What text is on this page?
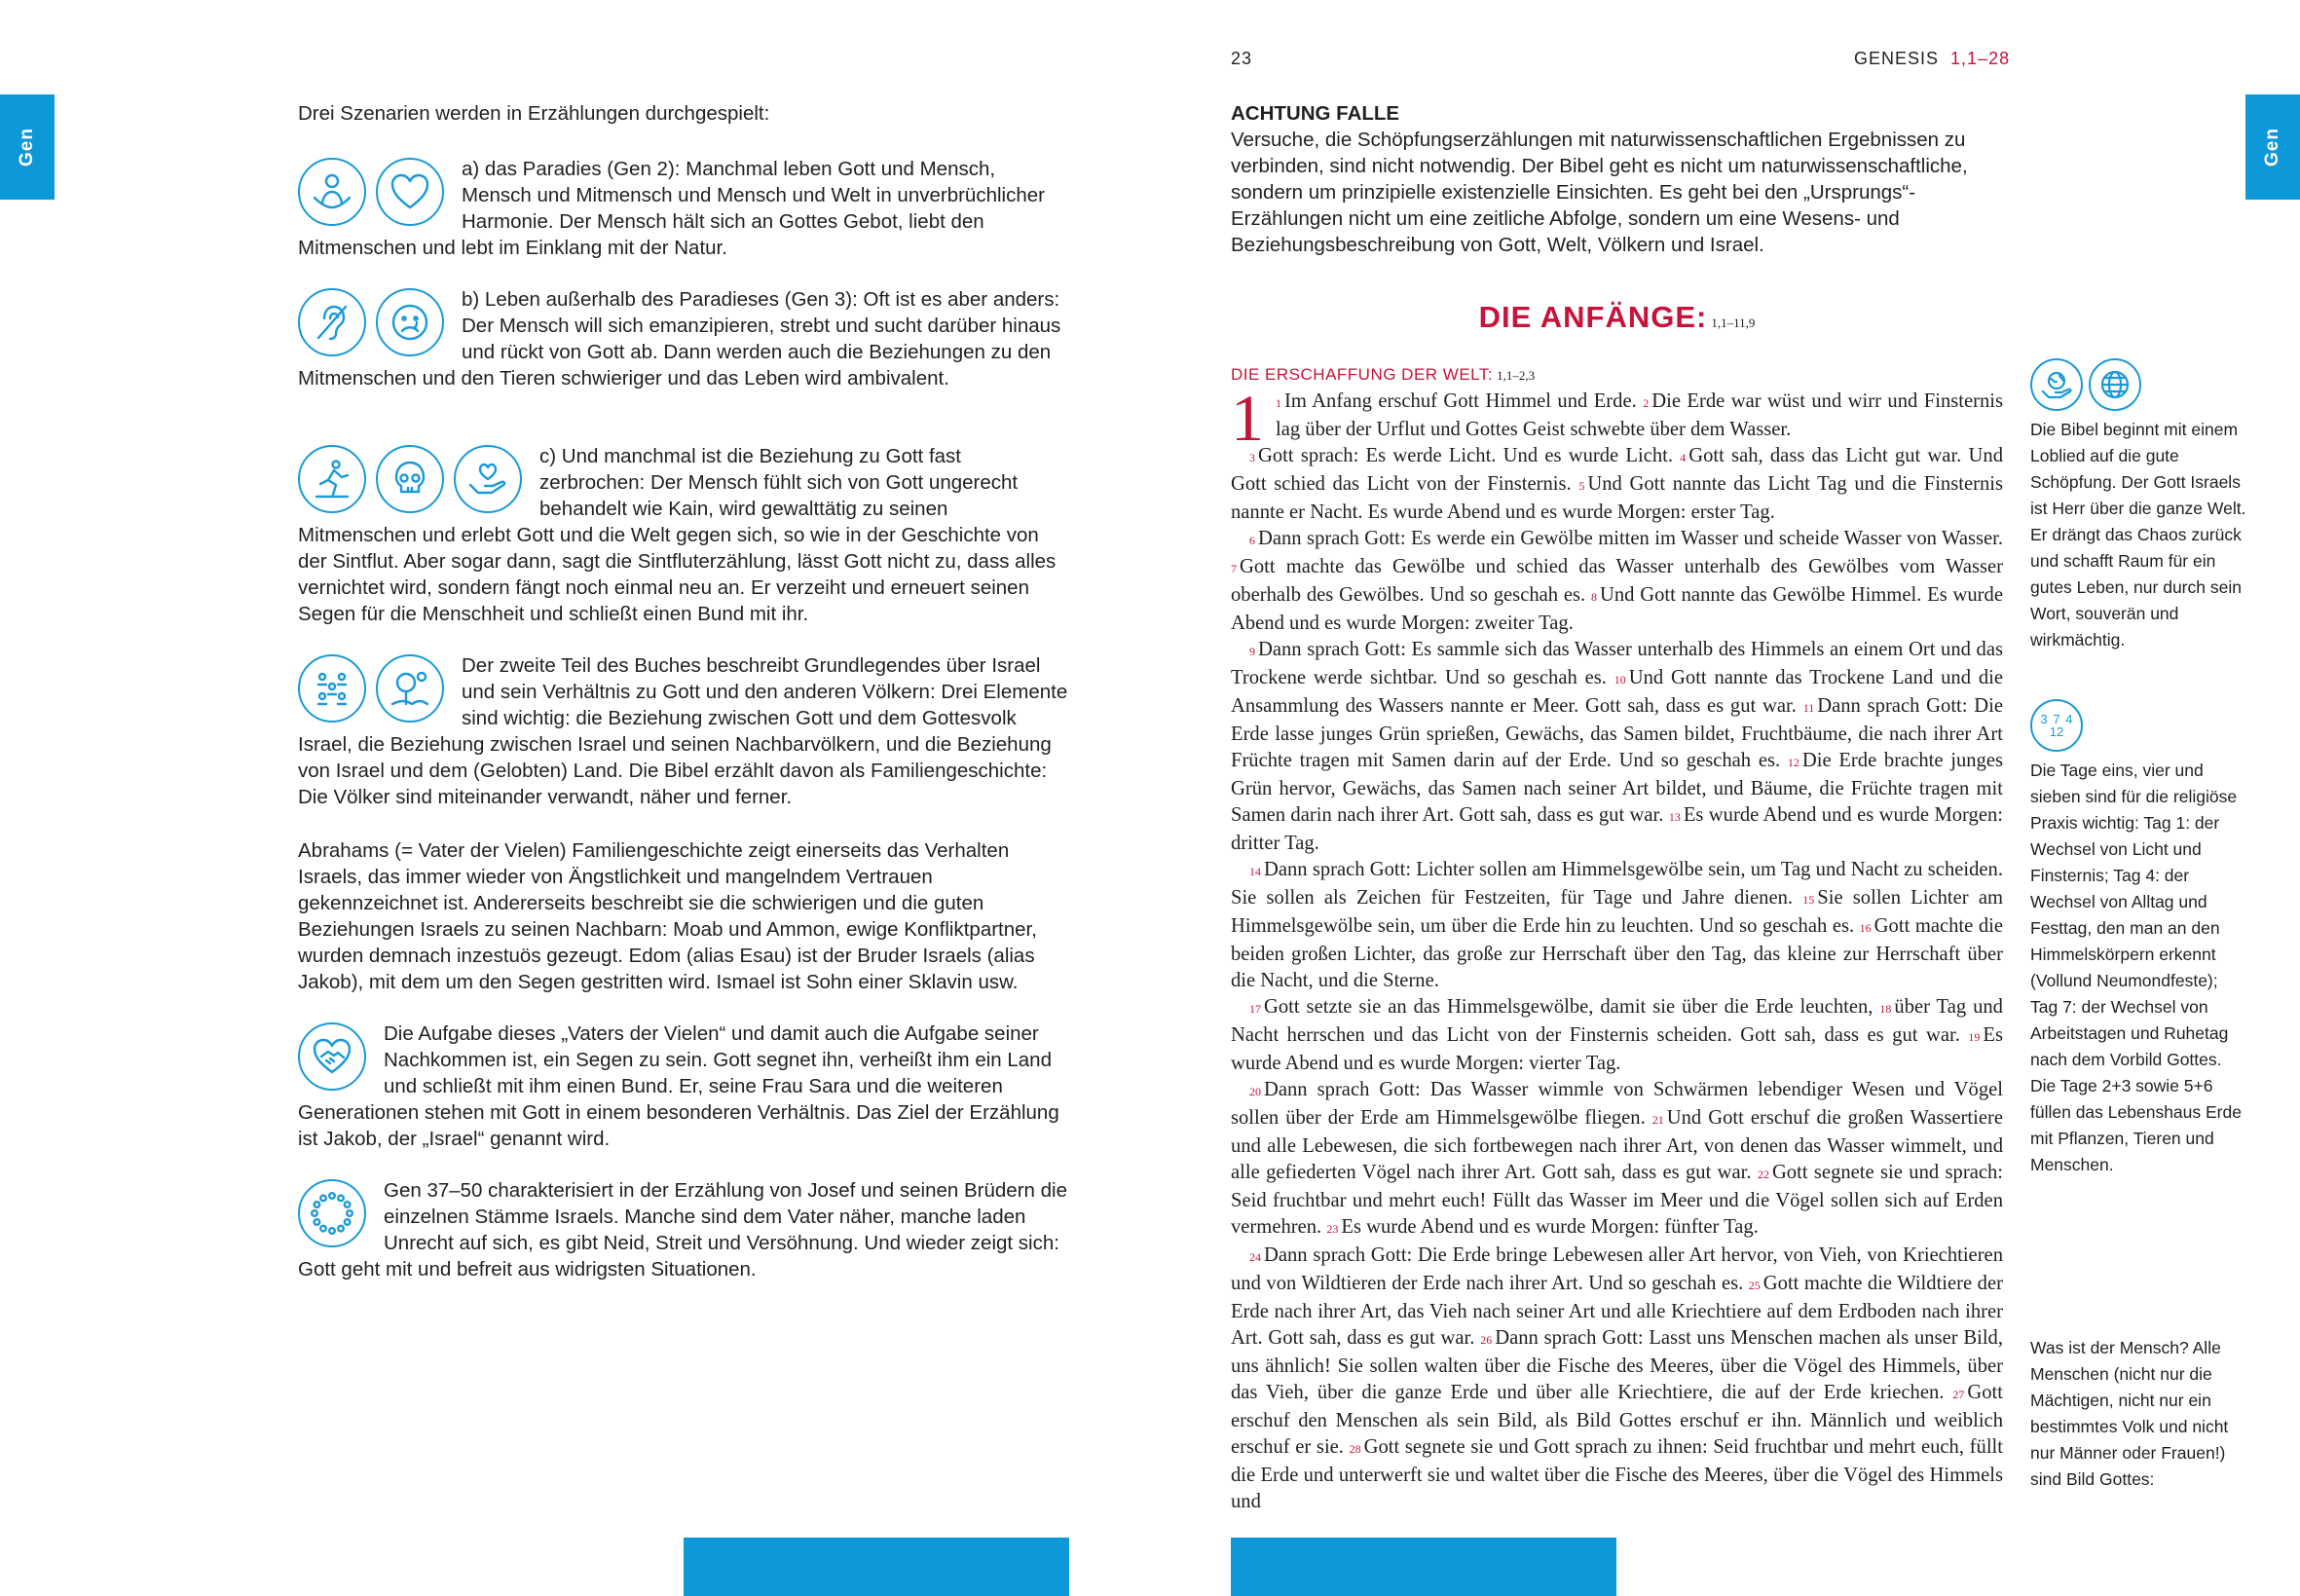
Gen	Gen
23	GENESIS 1,1–28
Drei Szenarien werden in Erzählungen durchgespielt:

a) das Paradies (Gen 2): Manchmal leben Gott und Mensch, Mensch und Mitmensch und Mensch und Welt in unverbrüchlicher Harmonie. Der Mensch hält sich an Gottes Gebot, liebt den Mitmenschen und lebt im Einklang mit der Natur.

b) Leben außerhalb des Paradieses (Gen 3): Oft ist es aber anders: Der Mensch will sich emanzipieren, strebt und sucht darüber hinaus und rückt von Gott ab. Dann werden auch die Beziehungen zu den Mitmenschen und den Tieren schwieriger und das Leben wird ambivalent.

c) Und manchmal ist die Beziehung zu Gott fast zerbrochen: Der Mensch fühlt sich von Gott ungerecht behandelt wie Kain, wird gewalttätig zu seinen Mitmenschen und erlebt Gott und die Welt gegen sich, so wie in der Geschichte von der Sintflut. Aber sogar dann, sagt die Sintfluterzählung, lässt Gott nicht zu, dass alles vernichtet wird, sondern fängt noch einmal neu an. Er verzeiht und erneuert seinen Segen für die Menschheit und schließt einen Bund mit ihr.

Der zweite Teil des Buches beschreibt Grundlegendes über Israel und sein Verhältnis zu Gott und den anderen Völkern: Drei Elemente sind wichtig: die Beziehung zwischen Gott und dem Gottesvolk Israel, die Beziehung zwischen Israel und seinen Nachbarvölkern, und die Beziehung von Israel und dem (Gelobten) Land. Die Bibel erzählt davon als Familiengeschichte: Die Völker sind miteinander verwandt, näher und ferner.

Abrahams (= Vater der Vielen) Familiengeschichte zeigt einerseits das Verhalten Israels, das immer wieder von Ängstlichkeit und mangelndem Vertrauen gekennzeichnet ist. Andererseits beschreibt sie die schwierigen und die guten Beziehungen Israels zu seinen Nachbarn: Moab und Ammon, ewige Konfliktpartner, wurden demnach inzestuös gezeugt. Edom (alias Esau) ist der Bruder Israels (alias Jakob), mit dem um den Segen gestritten wird. Ismael ist Sohn einer Sklavin usw.

Die Aufgabe dieses „Vaters der Vielen“ und damit auch die Aufgabe seiner Nachkommen ist, ein Segen zu sein. Gott segnet ihn, verheißt ihm ein Land und schließt mit ihm einen Bund. Er, seine Frau Sara und die weiteren Generationen stehen mit Gott in einem besonderen Verhältnis. Das Ziel der Erzählung ist Jakob, der „Israel“ genannt wird.

Gen 37–50 charakterisiert in der Erzählung von Josef und seinen Brüdern die einzelnen Stämme Israels. Manche sind dem Vater näher, manche laden Unrecht auf sich, es gibt Neid, Streit und Versöhnung. Und wieder zeigt sich: Gott geht mit und befreit aus widrigsten Situationen.

ACHTUNG FALLE
Versuche, die Schöpfungserzählungen mit naturwissenschaftlichen Ergebnissen zu verbinden, sind nicht notwendig. Der Bibel geht es nicht um naturwissenschaftliche, sondern um prinzipielle existenzielle Einsichten. Es geht bei den „Ursprungs“-Erzählungen nicht um eine zeitliche Abfolge, sondern um eine Wesens- und Beziehungsbeschreibung von Gott, Welt, Völkern und Israel.
DIE ANFÄNGE: 1,1–11,9
DIE ERSCHAFFUNG DER WELT: 1,1–2,3

1 1 Im Anfang erschuf Gott Himmel und Erde. 2 Die Erde war wüst und wirr und Finsternis lag über der Urflut und Gottes Geist schwebte über dem Wasser.

3 Gott sprach: Es werde Licht. Und es wurde Licht. 4 Gott sah, dass das Licht gut war. Und Gott schied das Licht von der Finsternis. 5 Und Gott nannte das Licht Tag und die Finsternis nannte er Nacht. Es wurde Abend und es wurde Morgen: erster Tag.

6 Dann sprach Gott: Es werde ein Gewölbe mitten im Wasser und scheide Wasser von Wasser. 7 Gott machte das Gewölbe und schied das Wasser unterhalb des Gewölbes vom Wasser oberhalb des Gewölbes. Und so geschah es. 8 Und Gott nannte das Gewölbe Himmel. Es wurde Abend und es wurde Morgen: zweiter Tag.

9 Dann sprach Gott: Es sammle sich das Wasser unterhalb des Himmels an einem Ort und das Trockene werde sichtbar. Und so geschah es. 10 Und Gott nannte das Trockene Land und die Ansammlung des Wassers nannte er Meer. Gott sah, dass es gut war. 11 Dann sprach Gott: Die Erde lasse junges Grün sprießen, Gewächs, das Samen bildet, Fruchtbäume, die nach ihrer Art Früchte tragen mit Samen darin auf der Erde. Und so geschah es. 12 Die Erde brachte junges Grün hervor, Gewächs, das Samen nach seiner Art bildet, und Bäume, die Früchte tragen mit Samen darin nach ihrer Art. Gott sah, dass es gut war. 13 Es wurde Abend und es wurde Morgen: dritter Tag.

14 Dann sprach Gott: Lichter sollen am Himmelsgewölbe sein, um Tag und Nacht zu scheiden. Sie sollen als Zeichen für Festzeiten, für Tage und Jahre dienen. 15 Sie sollen Lichter am Himmelsgewölbe sein, um über die Erde hin zu leuchten. Und so geschah es. 16 Gott machte die beiden großen Lichter, das große zur Herrschaft über den Tag, das kleine zur Herrschaft über die Nacht, und die Sterne.

17 Gott setzte sie an das Himmelsgewölbe, damit sie über die Erde leuchten, 18 über Tag und Nacht herrschen und das Licht von der Finsternis scheiden. Gott sah, dass es gut war. 19 Es wurde Abend und es wurde Morgen: vierter Tag.

20 Dann sprach Gott: Das Wasser wimmle von Schwärmen lebendiger Wesen und Vögel sollen über der Erde am Himmelsgewölbe fliegen. 21 Und Gott erschuf die großen Wassertiere und alle Lebewesen, die sich fortbewegen nach ihrer Art, von denen das Wasser wimmelt, und alle gefiederten Vögel nach ihrer Art. Gott sah, dass es gut war. 22 Gott segnete sie und sprach: Seid fruchtbar und mehrt euch! Füllt das Wasser im Meer und die Vögel sollen sich auf Erden vermehren. 23 Es wurde Abend und es wurde Morgen: fünfter Tag.

24 Dann sprach Gott: Die Erde bringe Lebewesen aller Art hervor, von Vieh, von Kriechtieren und von Wildtieren der Erde nach ihrer Art. Und so geschah es. 25 Gott machte die Wildtiere der Erde nach ihrer Art, das Vieh nach seiner Art und alle Kriechtiere auf dem Erdboden nach ihrer Art. Gott sah, dass es gut war. 26 Dann sprach Gott: Lasst uns Menschen machen als unser Bild, uns ähnlich! Sie sollen walten über die Fische des Meeres, über die Vögel des Himmels, über das Vieh, über die ganze Erde und über alle Kriechtiere, die auf der Erde kriechen. 27 Gott erschuf den Menschen als sein Bild, als Bild Gottes erschuf er ihn. Männlich und weiblich erschuf er sie. 28 Gott segnete sie und Gott sprach zu ihnen: Seid fruchtbar und mehrt euch, füllt die Erde und unterwerft sie und waltet über die Fische des Meeres, über die Vögel des Himmels und

Die Bibel beginnt mit einem Loblied auf die gute Schöpfung. Der Gott Israels ist Herr über die ganze Welt. Er drängt das Chaos zurück und schafft Raum für ein gutes Leben, nur durch sein Wort, souverän und wirkmächtig.

3 7 4 12

Die Tage eins, vier und sieben sind für die religiöse Praxis wichtig: Tag 1: der Wechsel von Licht und Finsternis; Tag 4: der Wechsel von Alltag und Festtag, den man an den Himmelskörpern erkennt (Vollund Neumondfeste); Tag 7: der Wechsel von Arbeitstagen und Ruhetag nach dem Vorbild Gottes. Die Tage 2+3 sowie 5+6 füllen das Lebenshaus Erde mit Pflanzen, Tieren und Menschen.

Was ist der Mensch? Alle Menschen (nicht nur die Mächtigen, nicht nur ein bestimmtes Volk und nicht nur Männer oder Frauen!) sind Bild Gottes:
